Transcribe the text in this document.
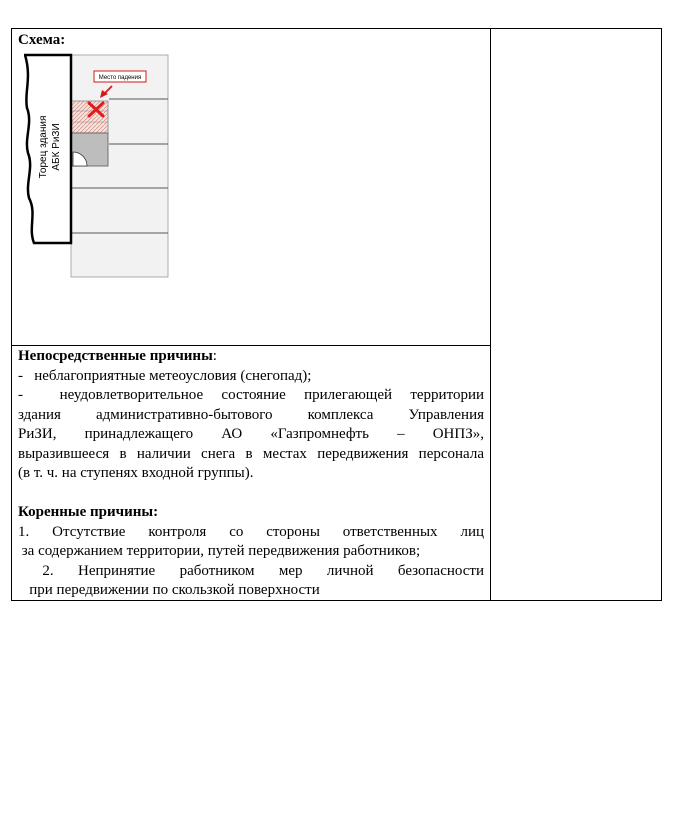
Схема:
Торец здания АБК РиЗИ
Место падения
Непосредственные причины:
-   неблагоприятные метеоусловия (снегопад);
-  неудовлетворительное состояние прилегающей территории
здания административно-бытового комплекса Управления
РиЗИ, принадлежащего АО «Газпромнефть – ОНПЗ»,
выразившееся в наличии снега в местах передвижения персонала
(в т. ч. на ступенях входной группы).
Коренные причины:
1. Отсутствие контроля со стороны ответственных лиц
за содержанием территории, путей передвижения работников;
2. Непринятие работником мер личной безопасности
при передвижении по скользкой поверхности
